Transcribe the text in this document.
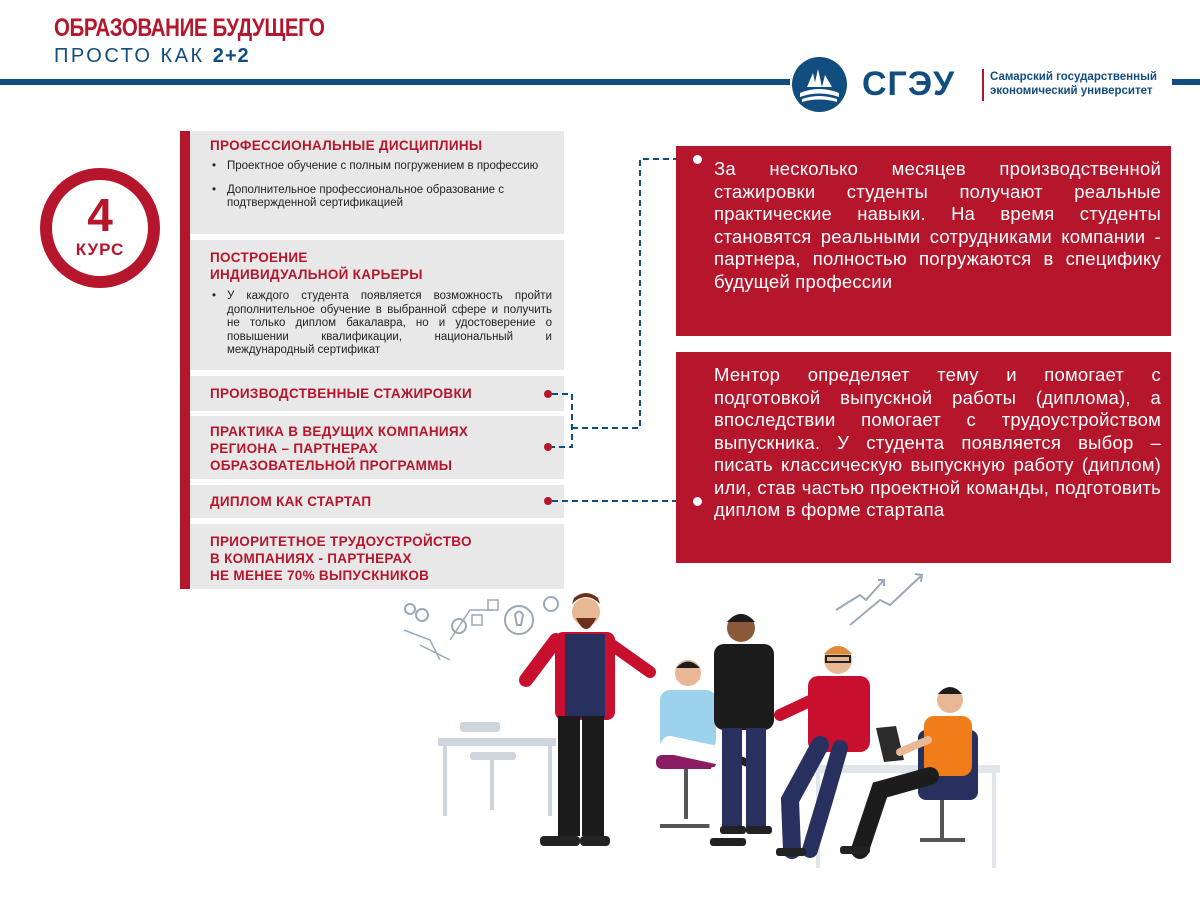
ОБРАЗОВАНИЕ БУДУЩЕГО
ПРОСТО КАК 2+2
СГЭУ	Самарский государственный
экономический университет
4
КУРС
ПРОФЕССИОНАЛЬНЫЕ ДИСЦИПЛИНЫ
• Проектное обучение с полным погружением в профессию
• Дополнительное профессиональное образование с подтвержденной сертификацией
ПОСТРОЕНИЕ
ИНДИВИДУАЛЬНОЙ КАРЬЕРЫ
• У каждого студента появляется возможность пройти дополнительное обучение в выбранной сфере и получить не только диплом бакалавра, но и удостоверение о повышении квалификации, национальный и международный сертификат
ПРОИЗВОДСТВЕННЫЕ СТАЖИРОВКИ
ПРАКТИКА В ВЕДУЩИХ КОМПАНИЯХ
РЕГИОНА – ПАРТНЕРАХ
ОБРАЗОВАТЕЛЬНОЙ ПРОГРАММЫ
ДИПЛОМ КАК СТАРТАП
ПРИОРИТЕТНОЕ ТРУДОУСТРОЙСТВО
В КОМПАНИЯХ - ПАРТНЕРАХ
НЕ МЕНЕЕ 70% ВЫПУСКНИКОВ

За несколько месяцев производственной стажировки студенты получают реальные практические навыки. На время студенты становятся реальными сотрудниками компании - партнера, полностью погружаются в специфику будущей профессии

Ментор определяет тему и помогает с подготовкой выпускной работы (диплома), а впоследствии помогает с трудоустройством выпускника. У студента появляется выбор – писать классическую выпускную работу (диплом) или, став частью проектной команды, подготовить диплом в форме стартапа
